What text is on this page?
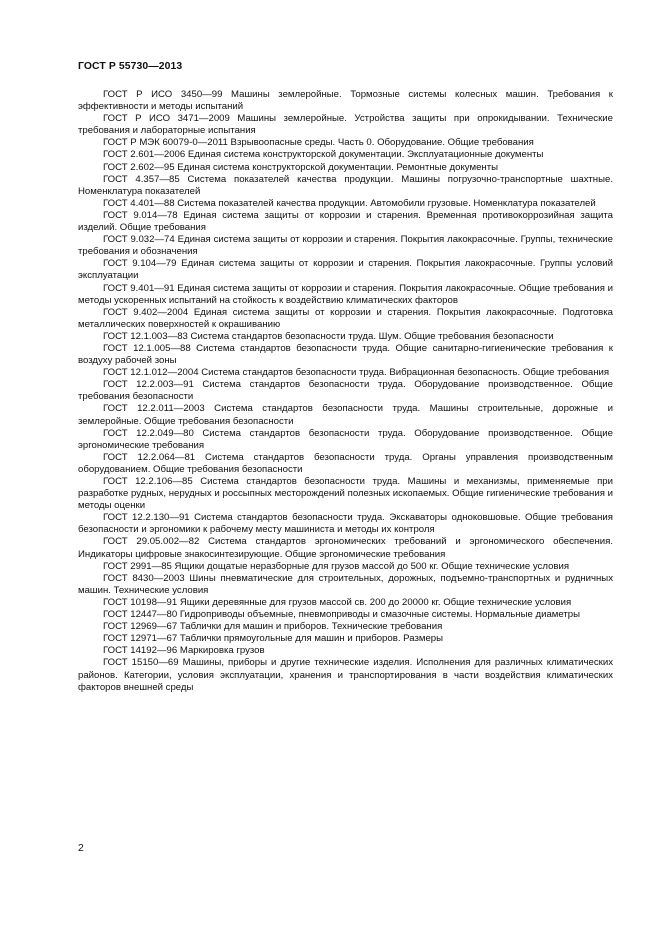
ГОСТ Р 55730—2013

ГОСТ Р ИСО 3450—99 Машины землеройные. Тормозные системы колесных машин. Требования к эффективности и методы испытаний

ГОСТ Р ИСО 3471—2009 Машины землеройные. Устройства защиты при опрокидывании. Технические требования и лабораторные испытания

ГОСТ Р МЭК 60079-0—2011 Взрывоопасные среды. Часть 0. Оборудование. Общие требования

ГОСТ 2.601—2006 Единая система конструкторской документации. Эксплуатационные документы

ГОСТ 2.602—95 Единая система конструкторской документации. Ремонтные документы

ГОСТ 4.357—85 Система показателей качества продукции. Машины погрузочно-транспортные шахтные. Номенклатура показателей

ГОСТ 4.401—88 Система показателей качества продукции. Автомобили грузовые. Номенклатура показателей

ГОСТ 9.014—78 Единая система защиты от коррозии и старения. Временная противокоррозийная защита изделий. Общие требования

ГОСТ 9.032—74 Единая система защиты от коррозии и старения. Покрытия лакокрасочные. Группы, технические требования и обозначения

ГОСТ 9.104—79 Единая система защиты от коррозии и старения. Покрытия лакокрасочные. Группы условий эксплуатации

ГОСТ 9.401—91 Единая система защиты от коррозии и старения. Покрытия лакокрасочные. Общие требования и методы ускоренных испытаний на стойкость к воздействию климатических факторов

ГОСТ 9.402—2004 Единая система защиты от коррозии и старения. Покрытия лакокрасочные. Подготовка металлических поверхностей к окрашиванию

ГОСТ 12.1.003—83 Система стандартов безопасности труда. Шум. Общие требования безопасности

ГОСТ 12.1.005—88 Система стандартов безопасности труда. Общие санитарно-гигиенические требования к воздуху рабочей зоны

ГОСТ 12.1.012—2004 Система стандартов безопасности труда. Вибрационная безопасность. Общие требования

ГОСТ 12.2.003—91 Система стандартов безопасности труда. Оборудование производственное. Общие требования безопасности

ГОСТ 12.2.011—2003 Система стандартов безопасности труда. Машины строительные, дорожные и землеройные. Общие требования безопасности

ГОСТ 12.2.049—80 Система стандартов безопасности труда. Оборудование производственное. Общие эргономические требования

ГОСТ 12.2.064—81 Система стандартов безопасности труда. Органы управления производственным оборудованием. Общие требования безопасности

ГОСТ 12.2.106—85 Система стандартов безопасности труда. Машины и механизмы, применяемые при разработке рудных, нерудных и россыпных месторождений полезных ископаемых. Общие гигиенические требования и методы оценки

ГОСТ 12.2.130—91 Система стандартов безопасности труда. Экскаваторы одноковшовые. Общие требования безопасности и эргономики к рабочему месту машиниста и методы их контроля

ГОСТ 29.05.002—82 Система стандартов эргономических требований и эргономического обеспечения. Индикаторы цифровые знакосинтезирующие. Общие эргономические требования

ГОСТ 2991—85 Ящики дощатые неразборные для грузов массой до 500 кг. Общие технические условия

ГОСТ 8430—2003 Шины пневматические для строительных, дорожных, подъемно-транспортных и рудничных машин. Технические условия

ГОСТ 10198—91 Ящики деревянные для грузов массой св. 200 до 20000 кг. Общие технические условия

ГОСТ 12447—80 Гидроприводы объемные, пневмоприводы и смазочные системы. Нормальные диаметры

ГОСТ 12969—67 Таблички для машин и приборов. Технические требования

ГОСТ 12971—67 Таблички прямоугольные для машин и приборов. Размеры

ГОСТ 14192—96 Маркировка грузов

ГОСТ 15150—69 Машины, приборы и другие технические изделия. Исполнения для различных климатических районов. Категории, условия эксплуатации, хранения и транспортирования в части воздействия климатических факторов внешней среды

2
